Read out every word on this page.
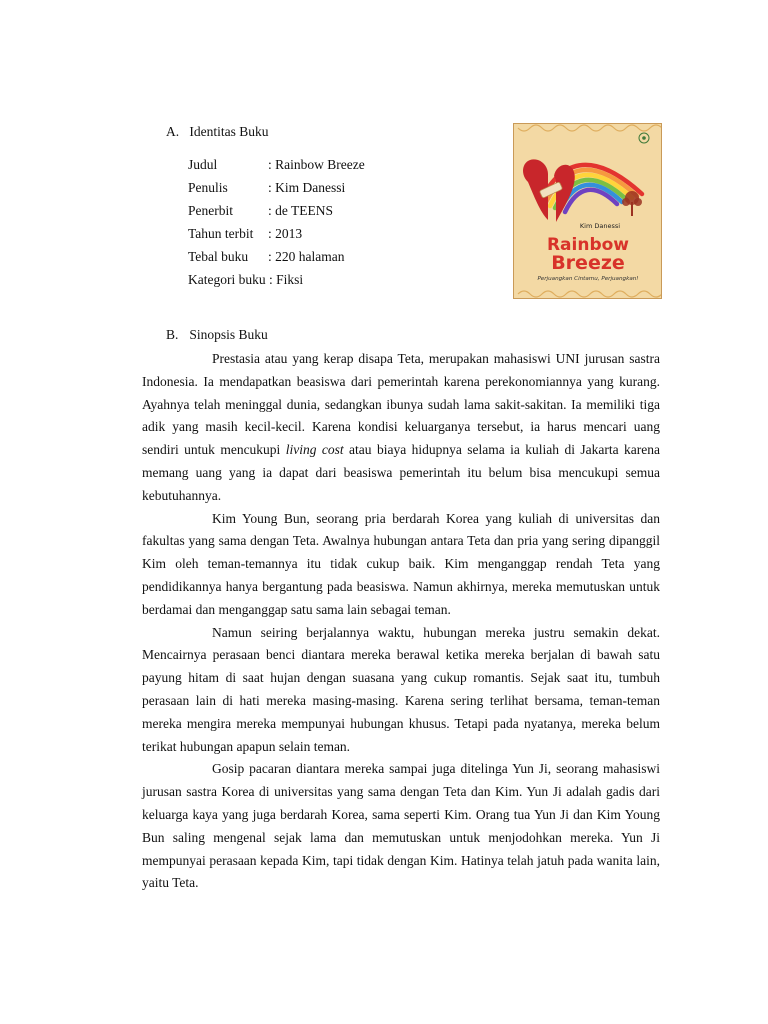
A. Identitas Buku
Judul	: Rainbow Breeze
Penulis	: Kim Danessi
Penerbit	: de TEENS
Tahun terbit : 2013
Tebal buku : 220 halaman
Kategori buku : Fiksi
Kim Danessi
Rainbow
Breeze
Perjuangkan Cintamu, Perjuangkan!
B. Sinopsis Buku

Prestasia atau yang kerap disapa Teta, merupakan mahasiswi UNI jurusan sastra Indonesia. Ia mendapatkan beasiswa dari pemerintah karena perekonomiannya yang kurang. Ayahnya telah meninggal dunia, sedangkan ibunya sudah lama sakit-sakitan. Ia memiliki tiga adik yang masih kecil-kecil. Karena kondisi keluarganya tersebut, ia harus mencari uang sendiri untuk mencukupi living cost atau biaya hidupnya selama ia kuliah di Jakarta karena memang uang yang ia dapat dari beasiswa pemerintah itu belum bisa mencukupi semua kebutuhannya.

Kim Young Bun, seorang pria berdarah Korea yang kuliah di universitas dan fakultas yang sama dengan Teta. Awalnya hubungan antara Teta dan pria yang sering dipanggil Kim oleh teman-temannya itu tidak cukup baik. Kim menganggap rendah Teta yang pendidikannya hanya bergantung pada beasiswa. Namun akhirnya, mereka memutuskan untuk berdamai dan menganggap satu sama lain sebagai teman.

Namun seiring berjalannya waktu, hubungan mereka justru semakin dekat. Mencairnya perasaan benci diantara mereka berawal ketika mereka berjalan di bawah satu payung hitam di saat hujan dengan suasana yang cukup romantis. Sejak saat itu, tumbuh perasaan lain di hati mereka masing-masing. Karena sering terlihat bersama, teman-teman mereka mengira mereka mempunyai hubungan khusus. Tetapi pada nyatanya, mereka belum terikat hubungan apapun selain teman.

Gosip pacaran diantara mereka sampai juga ditelinga Yun Ji, seorang mahasiswi jurusan sastra Korea di universitas yang sama dengan Teta dan Kim. Yun Ji adalah gadis dari keluarga kaya yang juga berdarah Korea, sama seperti Kim. Orang tua Yun Ji dan Kim Young Bun saling mengenal sejak lama dan memutuskan untuk menjodohkan mereka. Yun Ji mempunyai perasaan kepada Kim, tapi tidak dengan Kim. Hatinya telah jatuh pada wanita lain, yaitu Teta.
